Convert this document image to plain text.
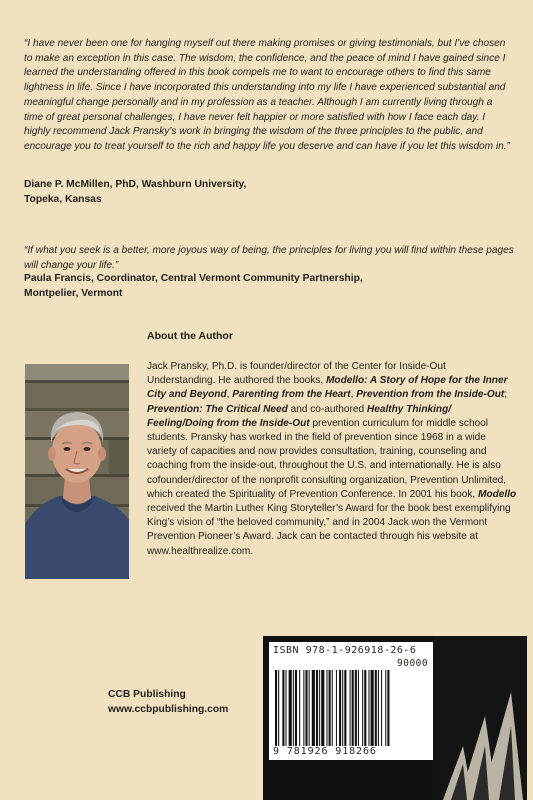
“I have never been one for hanging myself out there making promises or giving testimonials, but I’ve chosen to make an exception in this case. The wisdom, the confidence, and the peace of mind I have gained since I learned the understanding offered in this book compels me to want to encourage others to find this same lightness in life. Since I have incorporated this understanding into my life I have experienced substantial and meaningful change personally and in my profession as a teacher. Although I am currently living through a time of great personal challenges, I have never felt happier or more satisfied with how I face each day. I highly recommend Jack Pransky’s work in bringing the wisdom of the three principles to the public, and encourage you to treat yourself to the rich and happy life you deserve and can have if you let this wisdom in.”

Diane P. McMillen, PhD, Washburn University,
Topeka, Kansas

“If what you seek is a better, more joyous way of being, the principles for living you will find within these pages will change your life.”

Paula Francis, Coordinator, Central Vermont Community Partnership,
Montpelier, Vermont
About the Author

Jack Pransky, Ph.D. is founder/director of the Center for Inside-Out Understanding. He authored the books, Modello: A Story of Hope for the Inner City and Beyond, Parenting from the Heart, Prevention from the Inside-Out; Prevention: The Critical Need and co-authored Healthy Thinking/ Feeling/Doing from the Inside-Out prevention curriculum for middle school students. Pransky has worked in the field of prevention since 1968 in a wide variety of capacities and now provides consultation, training, counseling and coaching from the inside-out, throughout the U.S. and internationally. He is also cofounder/director of the nonprofit consulting organization, Prevention Unlimited, which created the Spirituality of Prevention Conference. In 2001 his book, Modello received the Martin Luther King Storyteller’s Award for the book best exemplifying King’s vision of “the beloved community,” and in 2004 Jack won the Vermont Prevention Pioneer’s Award. Jack can be contacted through his website at www.healthrealize.com.

CCB Publishing
www.ccbpublishing.com
ISBN 978-1-926918-26-6
90000
9 781926 918266
